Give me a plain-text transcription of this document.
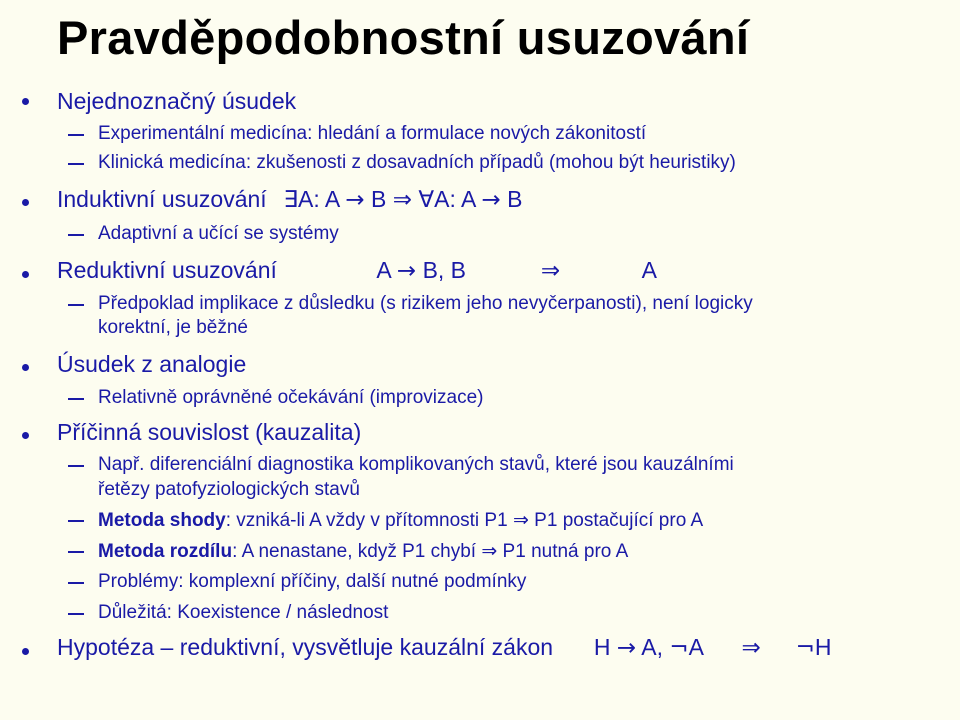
Pravděpodobnostní usuzování
Nejednoznačný úsudek
Experimentální medicína: hledání a formulace nových zákonitostí
Klinická medicína: zkušenosti z dosavadních případů (mohou být heuristiky)
Induktivní usuzování ∃A: A → B ⇒ ∀A: A → B
Adaptivní a učící se systémy
Reduktivní usuzování	A → B, B	⇒	A
Předpoklad implikace z důsledku (s rizikem jeho nevyčerpanosti), není logicky
korektní, je běžné
Úsudek z analogie
Relativně oprávněné očekávání (improvizace)
Příčinná souvislost (kauzalita)
Např. diferenciální diagnostika komplikovaných stavů, které jsou kauzálními
řetězy patofyziologických stavů
Metoda shody: vzniká-li A vždy v přítomnosti P1 ⇒ P1 postačující pro A
Metoda rozdílu: A nenastane, když P1 chybí ⇒ P1 nutná pro A
Problémy: komplexní příčiny, další nutné podmínky
Důležitá: Koexistence / následnost
Hypotéza – reduktivní, vysvětluje kauzální zákon H → A, ¬A ⇒ ¬H
